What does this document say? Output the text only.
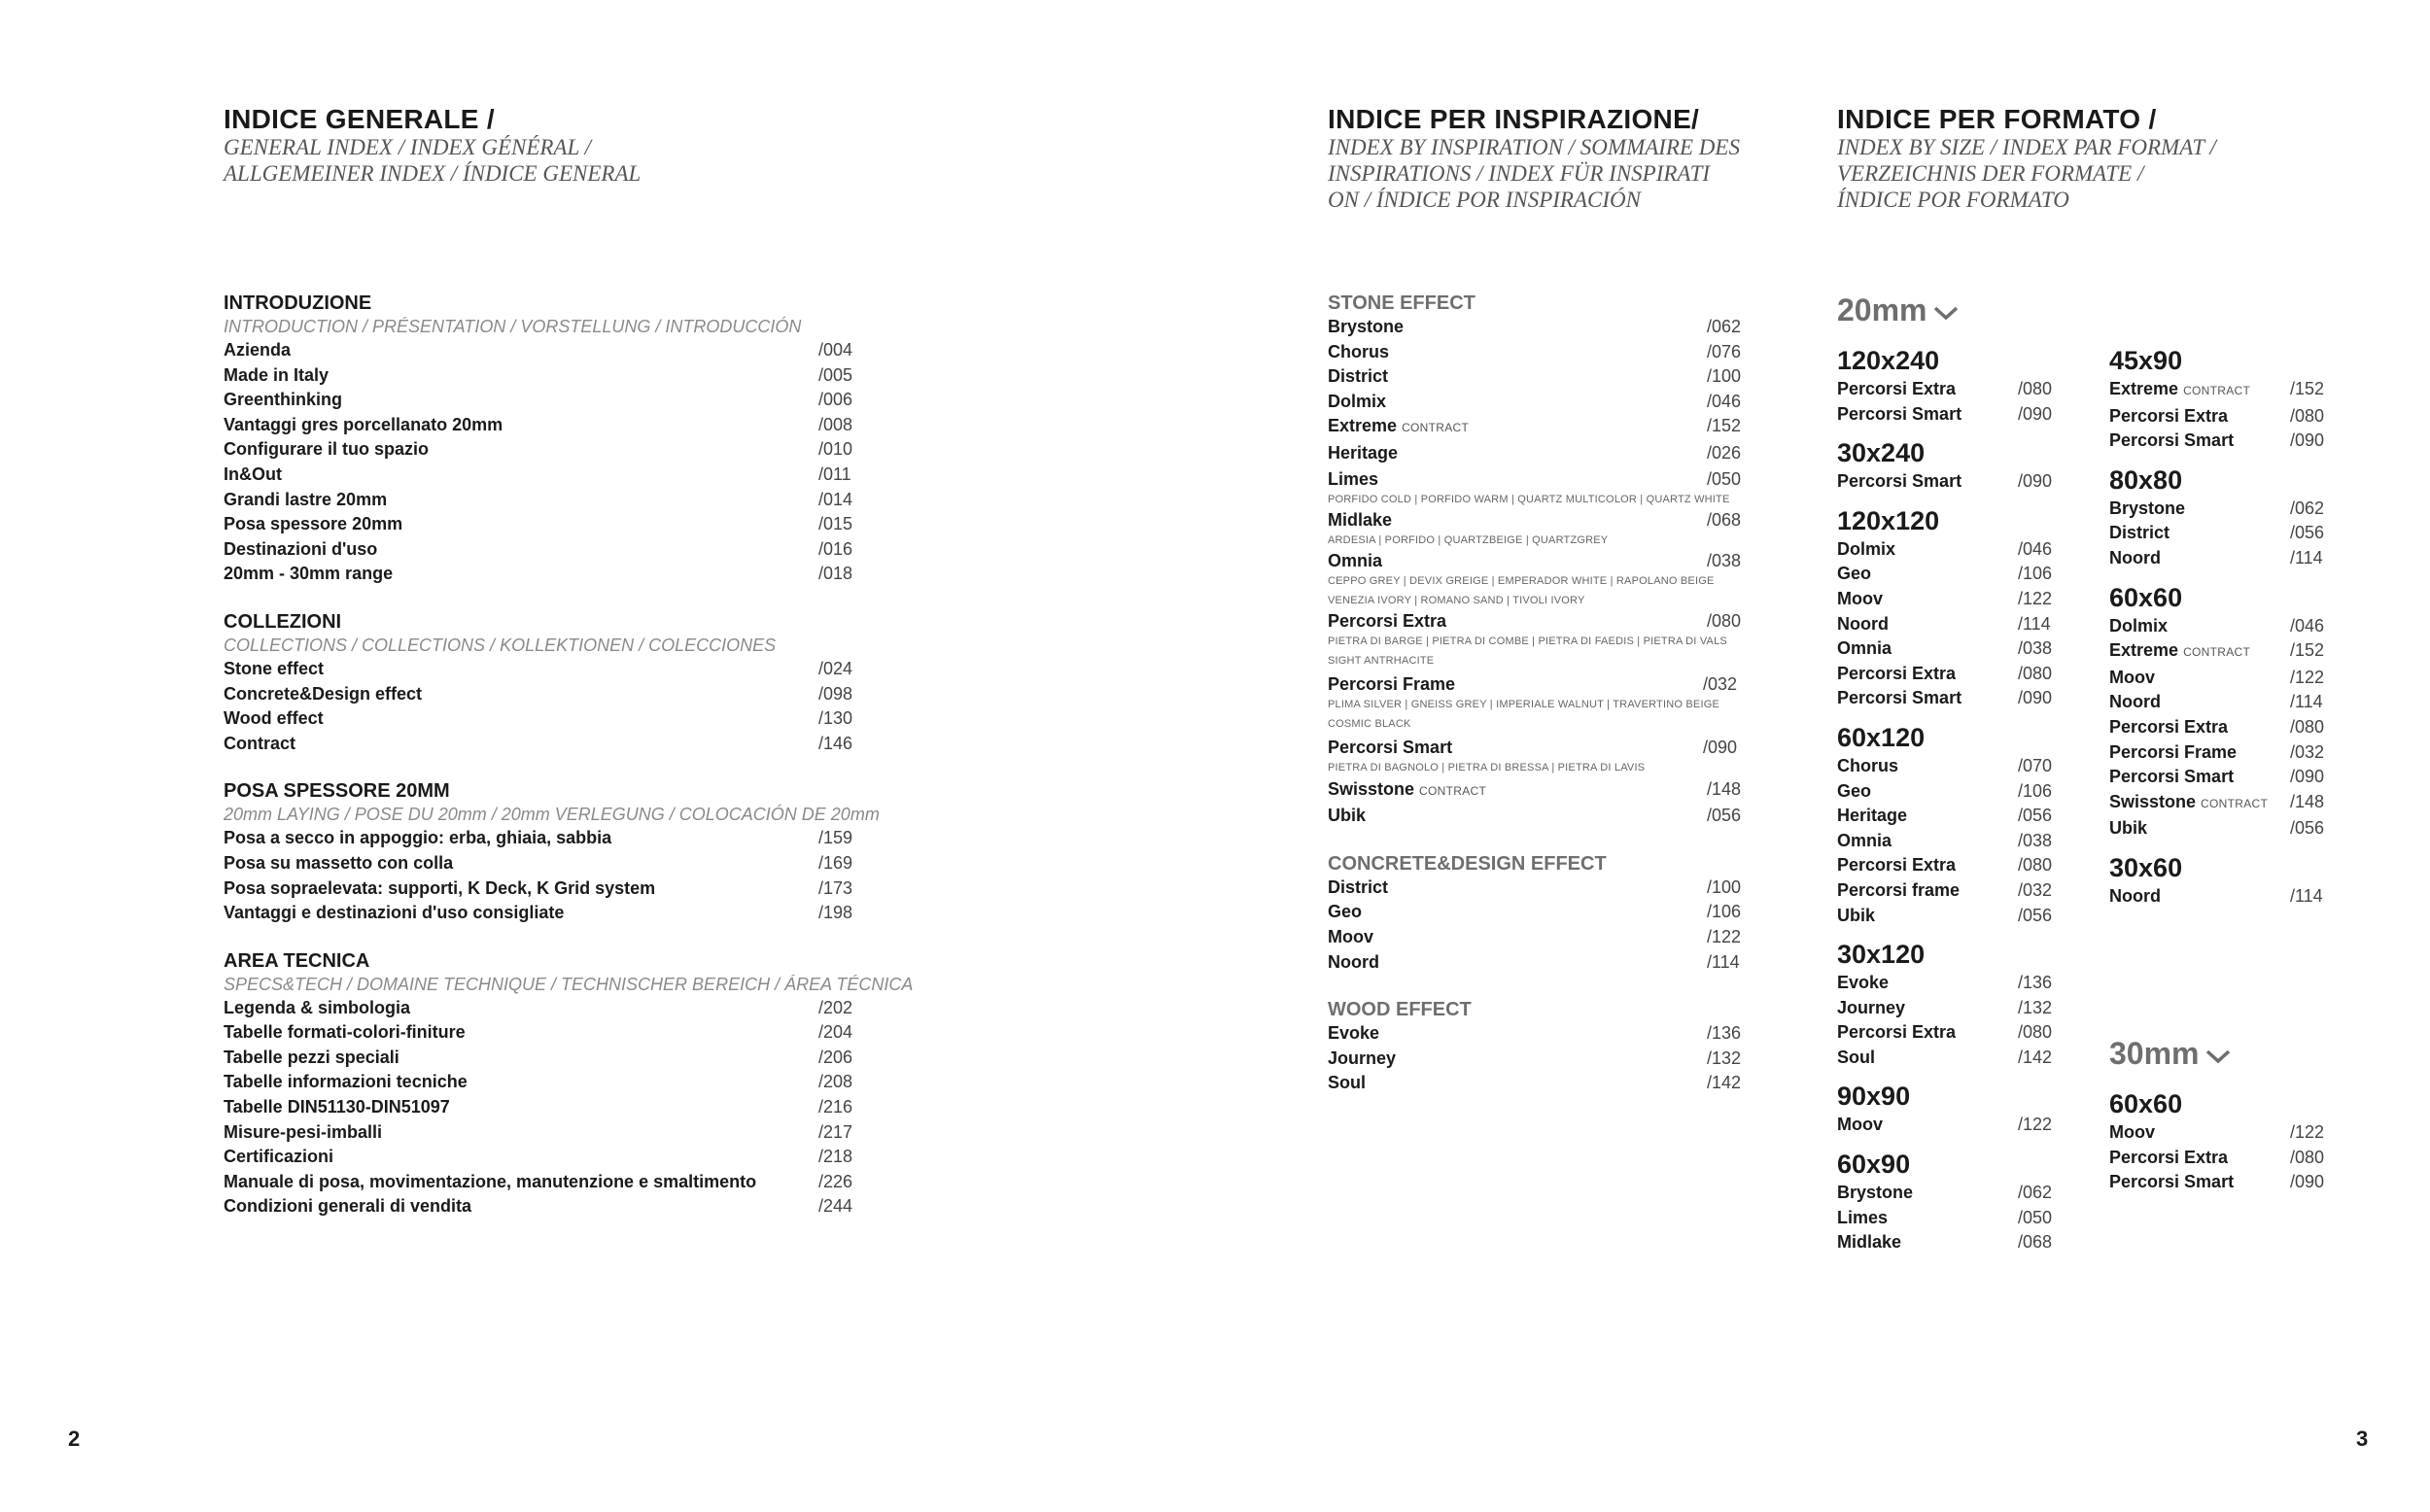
INDICE GENERALE /
GENERAL INDEX / INDEX GÉNÉRAL /
ALLGEMEINER INDEX / ÍNDICE GENERAL
INTRODUZIONE
INTRODUCTION / PRÉSENTATION / VORSTELLUNG / INTRODUCCIÓN
Azienda	/004
Made in Italy	/005
Greenthinking	/006
Vantaggi gres porcellanato 20mm	/008
Configurare il tuo spazio	/010
In&Out	/011
Grandi lastre 20mm	/014
Posa spessore 20mm	/015
Destinazioni d'uso	/016
20mm - 30mm range	/018
COLLEZIONI
COLLECTIONS / COLLECTIONS / KOLLEKTIONEN / COLECCIONES
Stone effect	/024
Concrete&Design effect	/098
Wood effect	/130
Contract	/146
POSA SPESSORE 20MM
20mm LAYING / POSE DU 20mm / 20mm VERLEGUNG / COLOCACIÓN DE 20mm
Posa a secco in appoggio: erba, ghiaia, sabbia	/159
Posa su massetto con colla	/169
Posa sopraelevata: supporti, K Deck, K Grid system	/173
Vantaggi e destinazioni d'uso consigliate	/198
AREA TECNICA
SPECS&TECH / DOMAINE TECHNIQUE / TECHNISCHER BEREICH / ÁREA TÉCNICA
Legenda & simbologia	/202
Tabelle formati-colori-finiture	/204
Tabelle pezzi speciali	/206
Tabelle informazioni tecniche	/208
Tabelle DIN51130-DIN51097	/216
Misure-pesi-imballi	/217
Certificazioni	/218
Manuale di posa, movimentazione, manutenzione e smaltimento	/226
Condizioni generali di vendita	/244
INDICE PER INSPIRAZIONE/
INDEX BY INSPIRATION / SOMMAIRE DES
INSPIRATIONS / INDEX FÜR INSPIRATI
ON / ÍNDICE POR INSPIRACIÓN
STONE EFFECT
Brystone	/062
Chorus	/076
District	/100
Dolmix	/046
Extreme CONTRACT	/152
Heritage	/026
Limes	/050
PORFIDO COLD | PORFIDO WARM | QUARTZ MULTICOLOR | QUARTZ WHITE
Midlake	/068
ARDESIA | PORFIDO | QUARTZBEIGE | QUARTZGREY
Omnia	/038
CEPPO GREY | DEVIX GREIGE | EMPERADOR WHITE | RAPOLANO BEIGE
VENEZIA IVORY | ROMANO SAND | TIVOLI IVORY
Percorsi Extra	/080
PIETRA DI BARGE | PIETRA DI COMBE | PIETRA DI FAEDIS | PIETRA DI VALS
SIGHT ANTRHACITE
Percorsi Frame	/032
PLIMA SILVER | GNEISS GREY | IMPERIALE WALNUT | TRAVERTINO BEIGE
COSMIC BLACK
Percorsi Smart	/090
PIETRA DI BAGNOLO | PIETRA DI BRESSA | PIETRA DI LAVIS
Swisstone CONTRACT	/148
Ubik	/056
CONCRETE&DESIGN EFFECT
District	/100
Geo	/106
Moov	/122
Noord	/114
WOOD EFFECT
Evoke	/136
Journey	/132
Soul	/142
INDICE PER FORMATO /
INDEX BY SIZE / INDEX PAR FORMAT /
VERZEICHNIS DER FORMATE /
ÍNDICE POR FORMATO
20mm
120x240
Percorsi Extra	/080
Percorsi Smart	/090
30x240
Percorsi Smart	/090
120x120
Dolmix	/046
Geo	/106
Moov	/122
Noord	/114
Omnia	/038
Percorsi Extra	/080
Percorsi Smart	/090
60x120
Chorus	/070
Geo	/106
Heritage	/056
Omnia	/038
Percorsi Extra	/080
Percorsi frame	/032
Ubik	/056
30x120
Evoke	/136
Journey	/132
Percorsi Extra	/080
Soul	/142
90x90
Moov	/122
60x90
Brystone	/062
Limes	/050
Midlake	/068
45x90
Extreme CONTRACT /152
Percorsi Extra	/080
Percorsi Smart	/090
80x80
Brystone	/062
District	/056
Noord	/114
60x60
Dolmix	/046
Extreme CONTRACT /152
Moov	/122
Noord	/114
Percorsi Extra	/080
Percorsi Frame	/032
Percorsi Smart	/090
Swisstone CONTRACT /148
Ubik	/056
30x60
Noord	/114
30mm
60x60
Moov	/122
Percorsi Extra	/080
Percorsi Smart	/090
2	3
